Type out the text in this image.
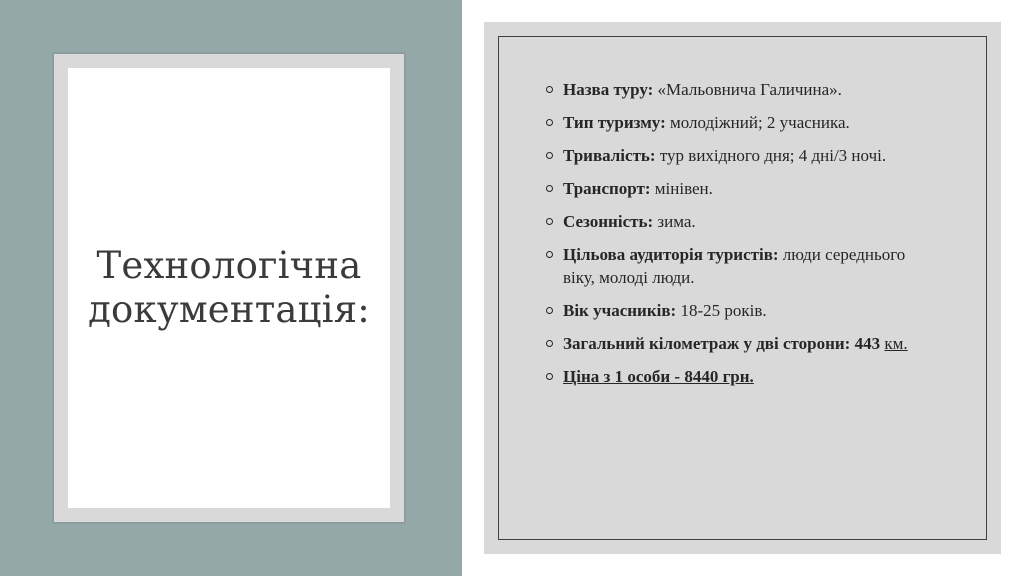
Технологічна
документація:
Назва туру: «Мальовнича Галичина».
Тип туризму: молодіжний; 2 учасника.
Тривалість: тур вихідного дня; 4 дні/3 ночі.
Транспорт: мінівен.
Сезонність: зима.
Цільова аудиторія туристів: люди середнього віку, молоді люди.
Вік учасників: 18-25 років.
Загальний кілометраж у дві сторони: 443 км.
Ціна з 1 особи - 8440 грн.
